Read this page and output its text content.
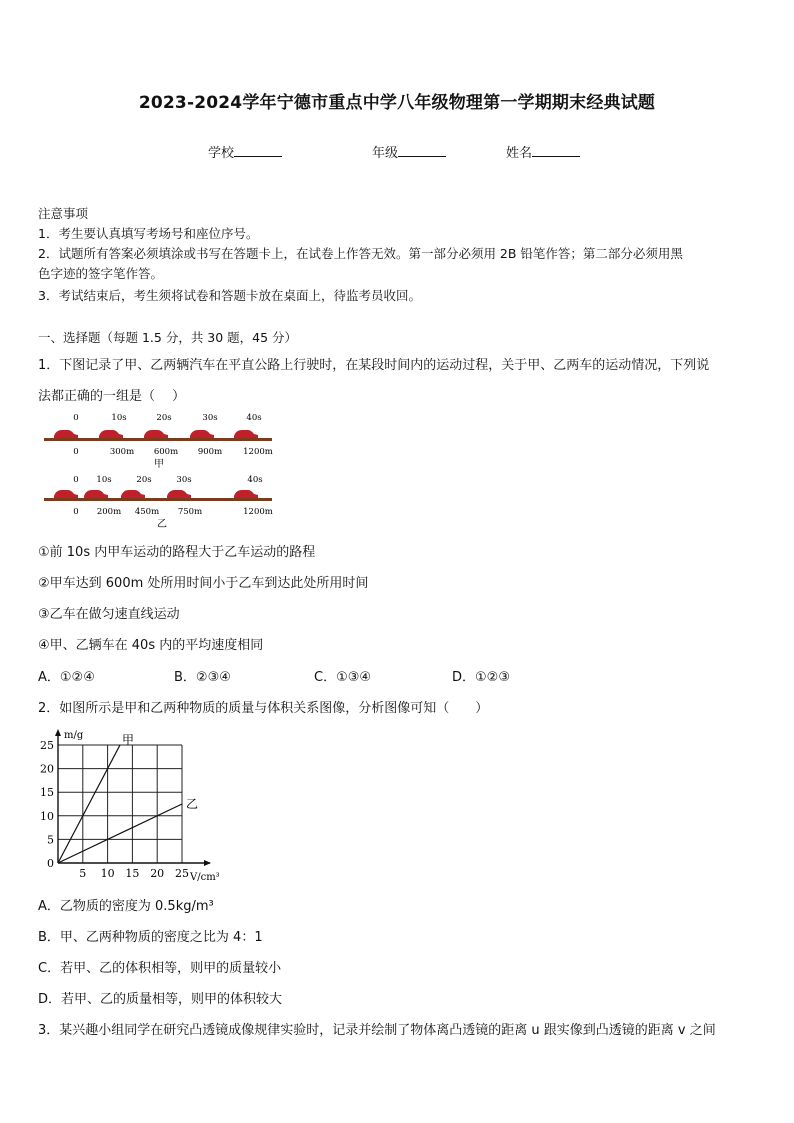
2023-2024学年宁德市重点中学八年级物理第一学期期末经典试题
学校	年级	姓名
注意事项
1．考生要认真填写考场号和座位序号。
2．试题所有答案必须填涂或书写在答题卡上，在试卷上作答无效。第一部分必须用 2B 铅笔作答；第二部分必须用黑
色字迹的签字笔作答。
3．考试结束后，考生须将试卷和答题卡放在桌面上，待监考员收回。
一、选择题（每题 1.5 分，共 30 题，45 分）
1．下图记录了甲、乙两辆汽车在平直公路上行驶时，在某段时间内的运动过程，关于甲、乙两车的运动情况，下列说
法都正确的一组是（　 ）
0	10s	20s	30s	40s
0	300m 600m 900m 1200m
甲
0 10s	20s	30s	40s
0 200m 450m 750m	1200m
乙
①前 10s 内甲车运动的路程大于乙车运动的路程
②甲车达到 600m 处所用时间小于乙车到达此处所用时间
③乙车在做匀速直线运动
④甲、乙辆车在 40s 内的平均速度相同
A．①②④	B．②③④	C．①③④	D．①②③
2．如图所示是甲和乙两种物质的质量与体积关系图像，分析图像可知（　　）
5 10 15 20 25
0
5
10
15
20
25	甲
乙
m/g
V/cm³
A．乙物质的密度为 0.5kg/m³
B．甲、乙两种物质的密度之比为 4：1
C．若甲、乙的体积相等，则甲的质量较小
D．若甲、乙的质量相等，则甲的体积较大
3．某兴趣小组同学在研究凸透镜成像规律实验时，记录并绘制了物体离凸透镜的距离 u 跟实像到凸透镜的距离 v 之间
